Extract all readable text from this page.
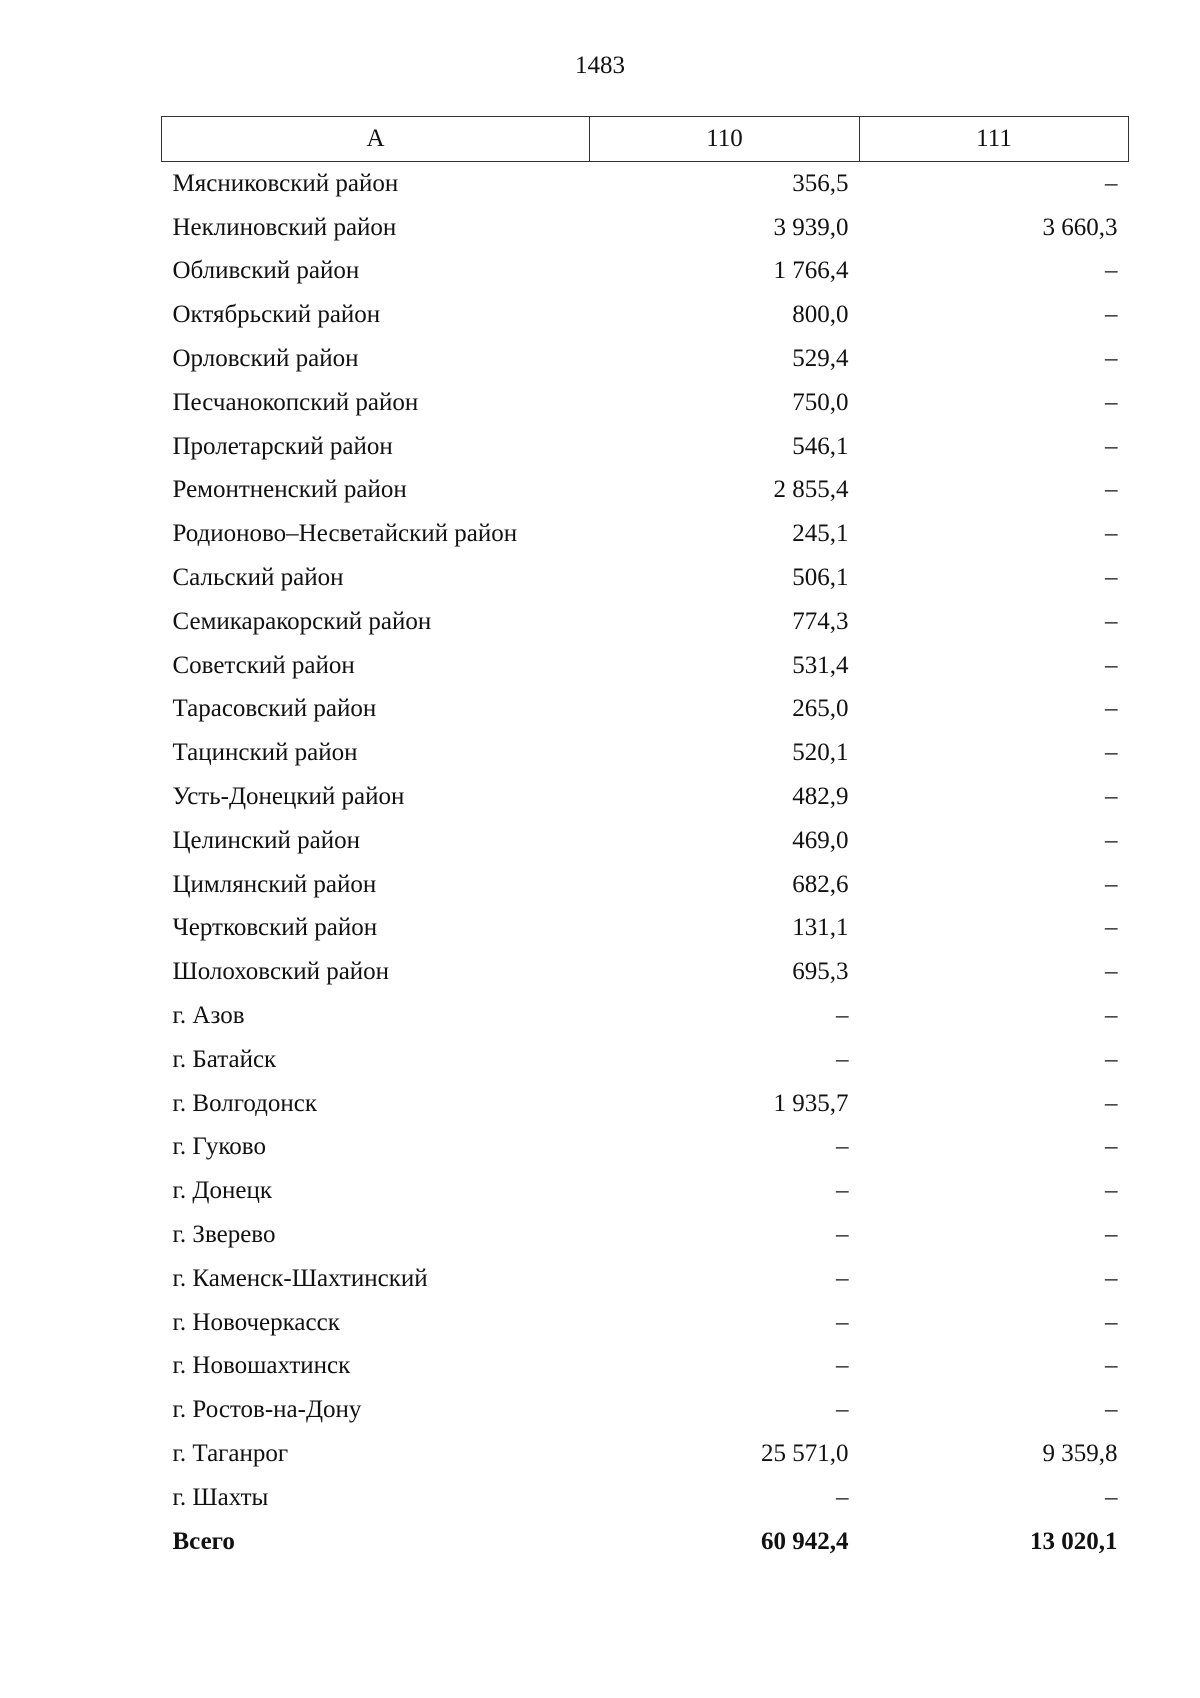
1483
А	110	111
Мясниковский район	356,5	–
Неклиновский район	3 939,0	3 660,3
Обливский район	1 766,4	–
Октябрьский район	800,0	–
Орловский район	529,4	–
Песчанокопский район	750,0	–
Пролетарский район	546,1	–
Ремонтненский район	2 855,4	–
Родионово–Несветайский район	245,1	–
Сальский район	506,1	–
Семикаракорский район	774,3	–
Советский район	531,4	–
Тарасовский район	265,0	–
Тацинский район	520,1	–
Усть-Донецкий район	482,9	–
Целинский район	469,0	–
Цимлянский район	682,6	–
Чертковский район	131,1	–
Шолоховский район	695,3	–
г. Азов	–	–
г. Батайск	–	–
г. Волгодонск	1 935,7	–
г. Гуково	–	–
г. Донецк	–	–
г. Зверево	–	–
г. Каменск-Шахтинский	–	–
г. Новочеркасск	–	–
г. Новошахтинск	–	–
г. Ростов-на-Дону	–	–
г. Таганрог	25 571,0	9 359,8
г. Шахты	–	–
Всего	60 942,4	13 020,1
